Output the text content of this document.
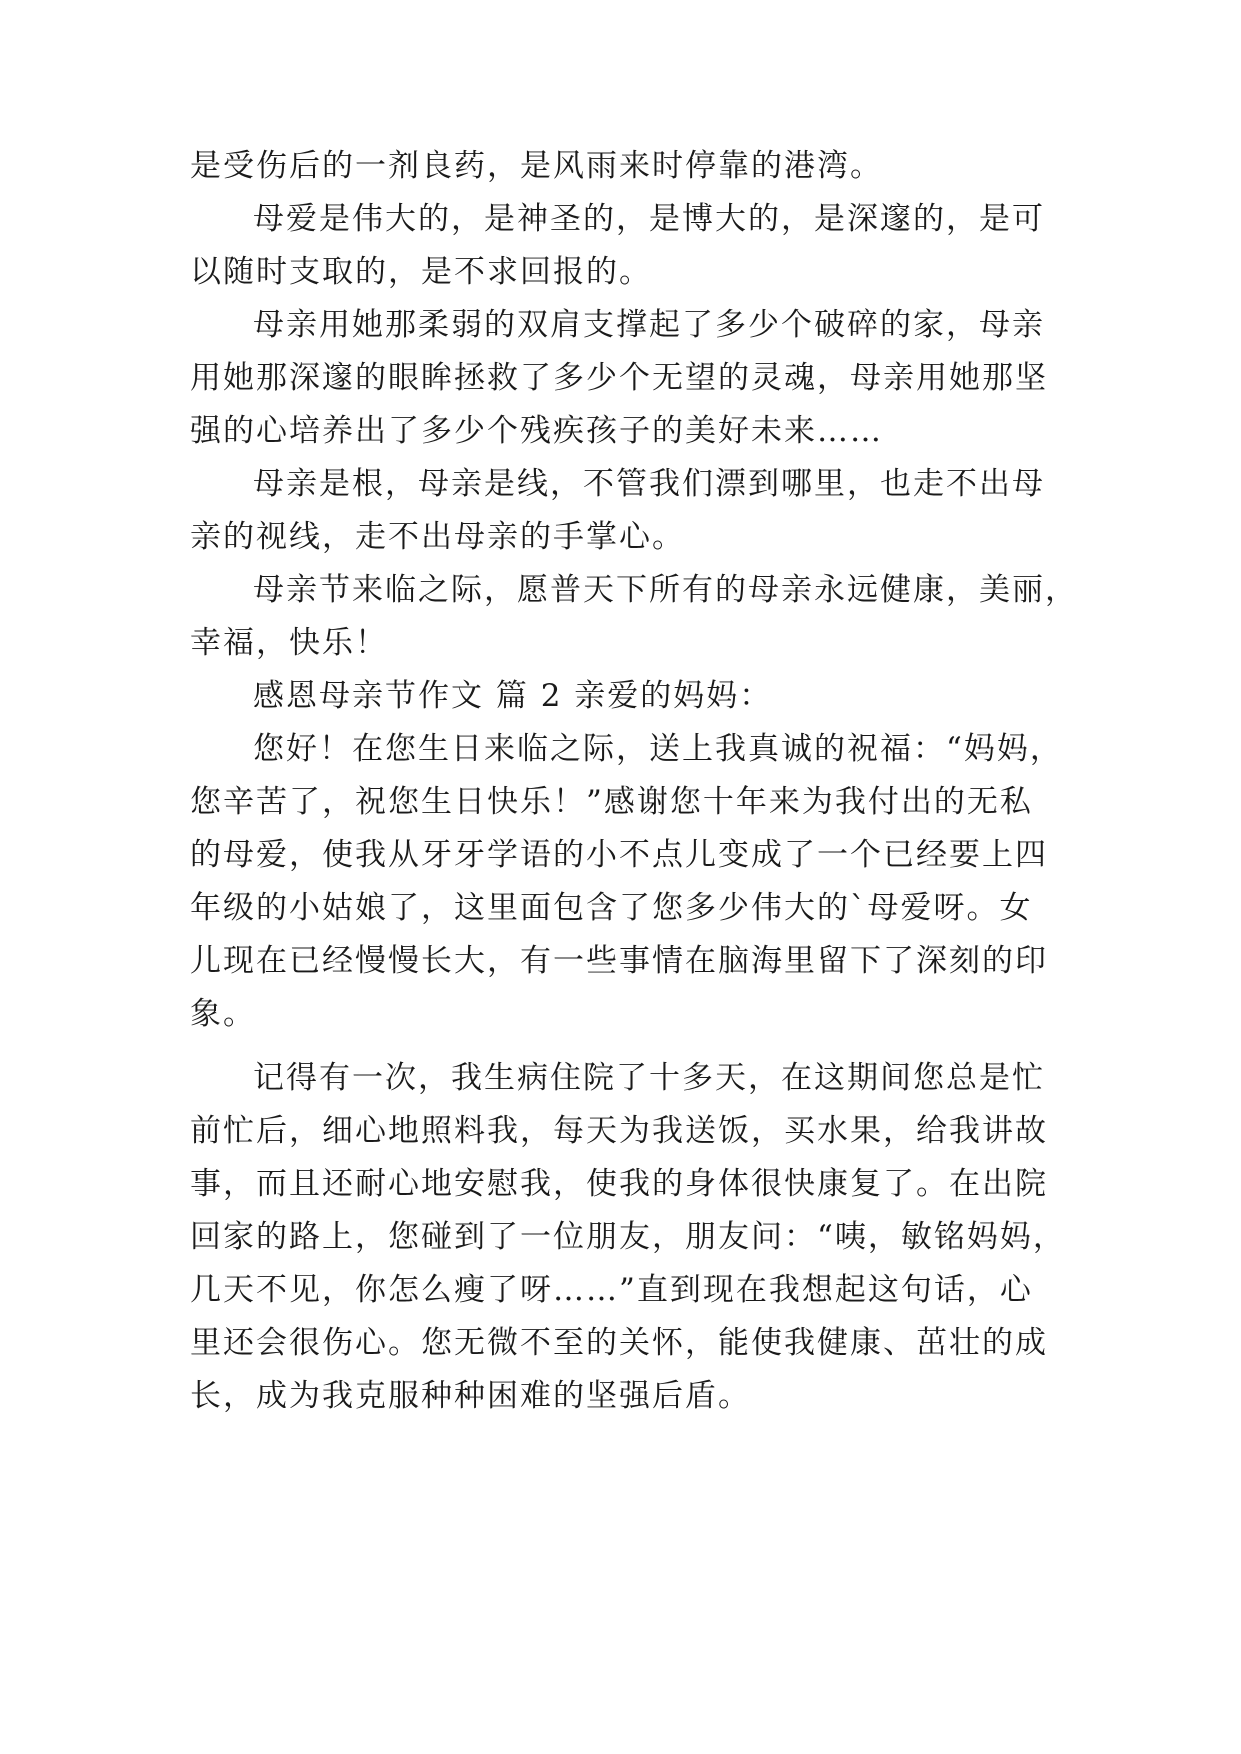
是受伤后的一剂良药，是风雨来时停靠的港湾。
母爱是伟大的，是神圣的，是博大的，是深邃的，是可
以随时支取的，是不求回报的。
母亲用她那柔弱的双肩支撑起了多少个破碎的家，母亲
用她那深邃的眼眸拯救了多少个无望的灵魂，母亲用她那坚
强的心培养出了多少个残疾孩子的美好未来……
母亲是根，母亲是线，不管我们漂到哪里，也走不出母
亲的视线，走不出母亲的手掌心。
母亲节来临之际，愿普天下所有的母亲永远健康，美丽，
幸福，快乐！
感恩母亲节作文 篇 2 亲爱的妈妈：
您好！在您生日来临之际，送上我真诚的祝福：“妈妈，
您辛苦了，祝您生日快乐！”感谢您十年来为我付出的无私
的母爱，使我从牙牙学语的小不点儿变成了一个已经要上四
年级的小姑娘了，这里面包含了您多少伟大的`母爱呀。女
儿现在已经慢慢长大，有一些事情在脑海里留下了深刻的印
象。
记得有一次，我生病住院了十多天，在这期间您总是忙
前忙后，细心地照料我，每天为我送饭，买水果，给我讲故
事，而且还耐心地安慰我，使我的身体很快康复了。在出院
回家的路上，您碰到了一位朋友，朋友问：“咦，敏铭妈妈，
几天不见，你怎么瘦了呀……”直到现在我想起这句话，心
里还会很伤心。您无微不至的关怀，能使我健康、茁壮的成
长，成为我克服种种困难的坚强后盾。
